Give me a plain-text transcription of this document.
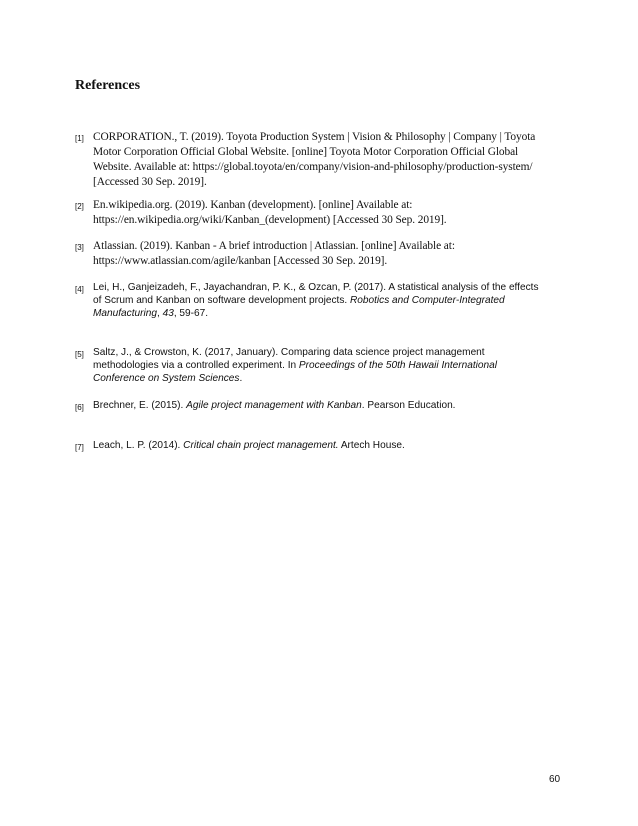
References
[1] CORPORATION., T. (2019). Toyota Production System | Vision & Philosophy | Company | Toyota
Motor Corporation Official Global Website. [online] Toyota Motor Corporation Official Global
Website. Available at: https://global.toyota/en/company/vision-and-philosophy/production-system/
[Accessed 30 Sep. 2019].
[2] En.wikipedia.org. (2019). Kanban (development). [online] Available at:
https://en.wikipedia.org/wiki/Kanban_(development) [Accessed 30 Sep. 2019].
[3] Atlassian. (2019). Kanban - A brief introduction | Atlassian. [online] Available at:
https://www.atlassian.com/agile/kanban [Accessed 30 Sep. 2019].
[4] Lei, H., Ganjeizadeh, F., Jayachandran, P. K., & Ozcan, P. (2017). A statistical analysis of the effects
of Scrum and Kanban on software development projects. Robotics and Computer-Integrated
Manufacturing, 43, 59-67.
[5] Saltz, J., & Crowston, K. (2017, January). Comparing data science project management
methodologies via a controlled experiment. In Proceedings of the 50th Hawaii International
Conference on System Sciences.
[6] Brechner, E. (2015). Agile project management with Kanban. Pearson Education.
[7] Leach, L. P. (2014). Critical chain project management. Artech House.
60
